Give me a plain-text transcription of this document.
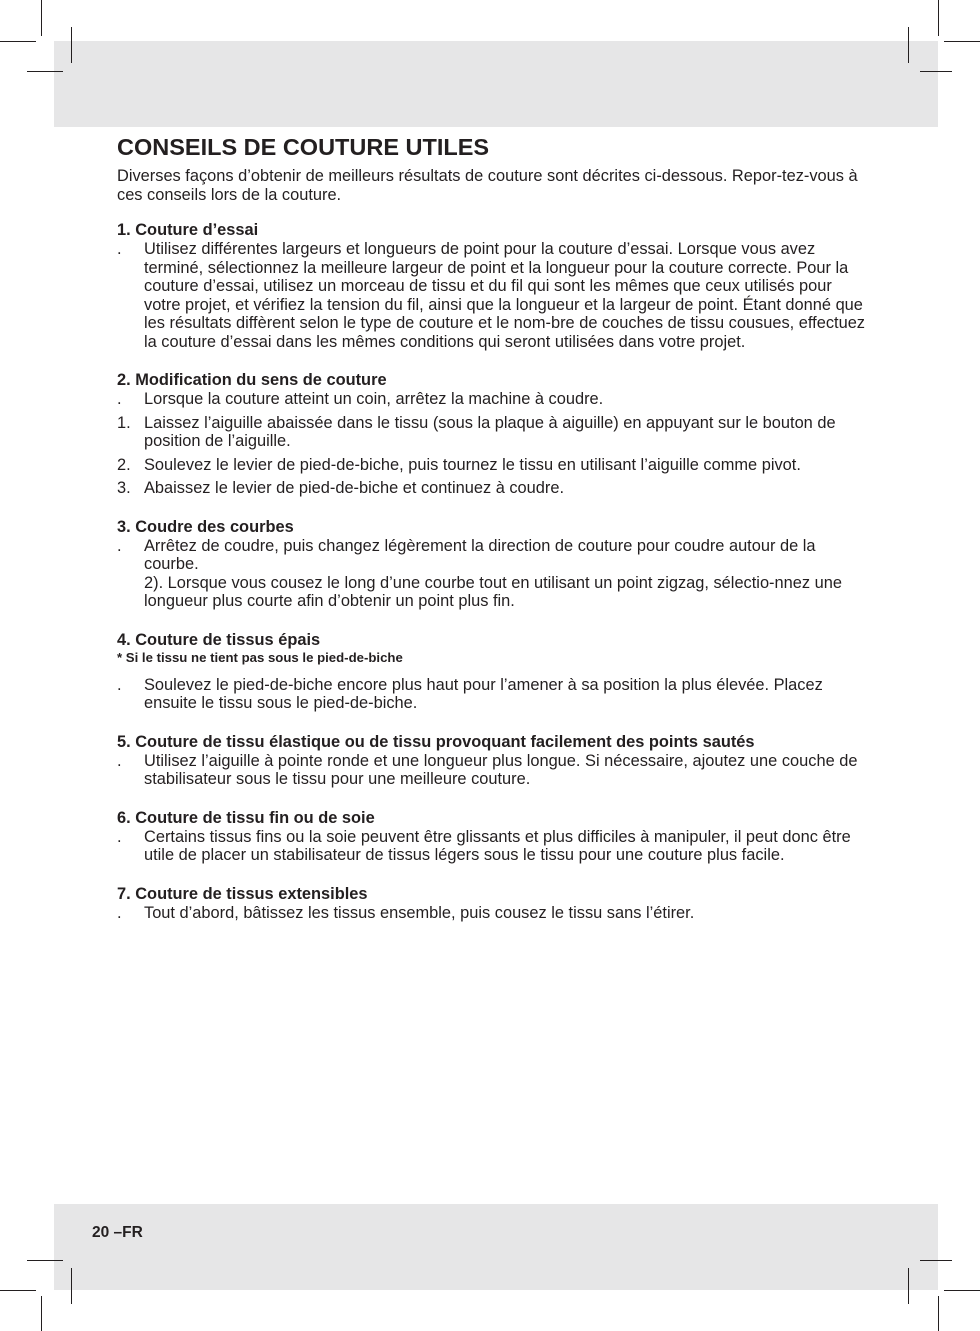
CONSEILS DE COUTURE UTILES

Diverses façons d’obtenir de meilleurs résultats de couture sont décrites ci-dessous. Repor-tez-vous à ces conseils lors de la couture.

1. Couture d’essai
.	Utilisez différentes largeurs et longueurs de point pour la couture d’essai. Lorsque vous avez terminé, sélectionnez la meilleure largeur de point et la longueur pour la couture correcte. Pour la couture d’essai, utilisez un morceau de tissu et du fil qui sont les mêmes que ceux utilisés pour votre projet, et vérifiez la tension du fil, ainsi que la longueur et la largeur de point. Étant donné que les résultats diffèrent selon le type de couture et le nom-bre de couches de tissu cousues, effectuez la couture d’essai dans les mêmes conditions qui seront utilisées dans votre projet.
2. Modification du sens de couture
.	Lorsque la couture atteint un coin, arrêtez la machine à coudre.
1. Laissez l’aiguille abaissée dans le tissu (sous la plaque à aiguille) en appuyant sur le bouton de position de l’aiguille.
2. Soulevez le levier de pied-de-biche, puis tournez le tissu en utilisant l’aiguille comme pivot.
3. Abaissez le levier de pied-de-biche et continuez à coudre.
3. Coudre des courbes
.	Arrêtez de coudre, puis changez légèrement la direction de couture pour coudre autour de la courbe.
2). Lorsque vous cousez le long d’une courbe tout en utilisant un point zigzag, sélectio-nnez une longueur plus courte afin d’obtenir un point plus fin.
4. Couture de tissus épais
* Si le tissu ne tient pas sous le pied-de-biche
.	Soulevez le pied-de-biche encore plus haut pour l’amener à sa position la plus élevée. Placez ensuite le tissu sous le pied-de-biche.
5. Couture de tissu élastique ou de tissu provoquant facilement des points sautés
.	Utilisez l’aiguille à pointe ronde et une longueur plus longue. Si nécessaire, ajoutez une couche de stabilisateur sous le tissu pour une meilleure couture.
6. Couture de tissu fin ou de soie
.	Certains tissus fins ou la soie peuvent être glissants et plus difficiles à manipuler, il peut donc être utile de placer un stabilisateur de tissus légers sous le tissu pour une couture plus facile.
7. Couture de tissus extensibles
.	Tout d’abord, bâtissez les tissus ensemble, puis cousez le tissu sans l’étirer.
20 –FR
